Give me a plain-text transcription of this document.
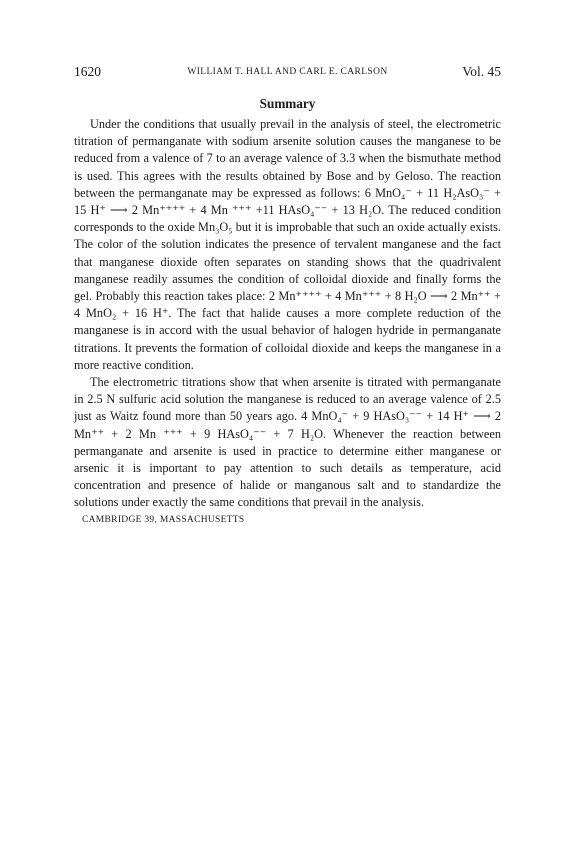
1620	WILLIAM T. HALL AND CARL E. CARLSON	Vol. 45
Summary

Under the conditions that usually prevail in the analysis of steel, the electrometric titration of permanganate with sodium arsenite solution causes the manganese to be reduced from a valence of 7 to an average valence of 3.3 when the bismuthate method is used. This agrees with the results obtained by Bose and by Geloso. The reaction between the permanganate may be expressed as follows: 6 MnO₄⁻ + 11 H₂AsO₃⁻ + 15 H⁺ ⟶ 2 Mn⁺⁺⁺⁺ + 4 Mn ⁺⁺⁺ +11 HAsO₄⁻⁻ + 13 H₂O. The reduced condition corresponds to the oxide Mn₃O₅ but it is improbable that such an oxide actually exists. The color of the solution indicates the presence of tervalent manganese and the fact that manganese dioxide often separates on standing shows that the quadrivalent manganese readily assumes the condition of colloidal dioxide and finally forms the gel. Probably this reaction takes place: 2 Mn⁺⁺⁺⁺ + 4 Mn⁺⁺⁺ + 8 H₂O ⟶ 2 Mn⁺⁺ + 4 MnO₂ + 16 H⁺. The fact that halide causes a more complete reduction of the manganese is in accord with the usual behavior of halogen hydride in permanganate titrations. It prevents the formation of colloidal dioxide and keeps the manganese in a more reactive condition.

The electrometric titrations show that when arsenite is titrated with permanganate in 2.5 N sulfuric acid solution the manganese is reduced to an average valence of 2.5 just as Waitz found more than 50 years ago. 4 MnO₄⁻ + 9 HAsO₃⁻⁻ + 14 H⁺ ⟶ 2 Mn⁺⁺ + 2 Mn ⁺⁺⁺ + 9 HAsO₄⁻⁻ + 7 H₂O. Whenever the reaction between permanganate and arsenite is used in practice to determine either manganese or arsenic it is important to pay attention to such details as temperature, acid concentration and presence of halide or manganous salt and to standardize the solutions under exactly the same conditions that prevail in the analysis.

CAMBRIDGE 39, MASSACHUSETTS
